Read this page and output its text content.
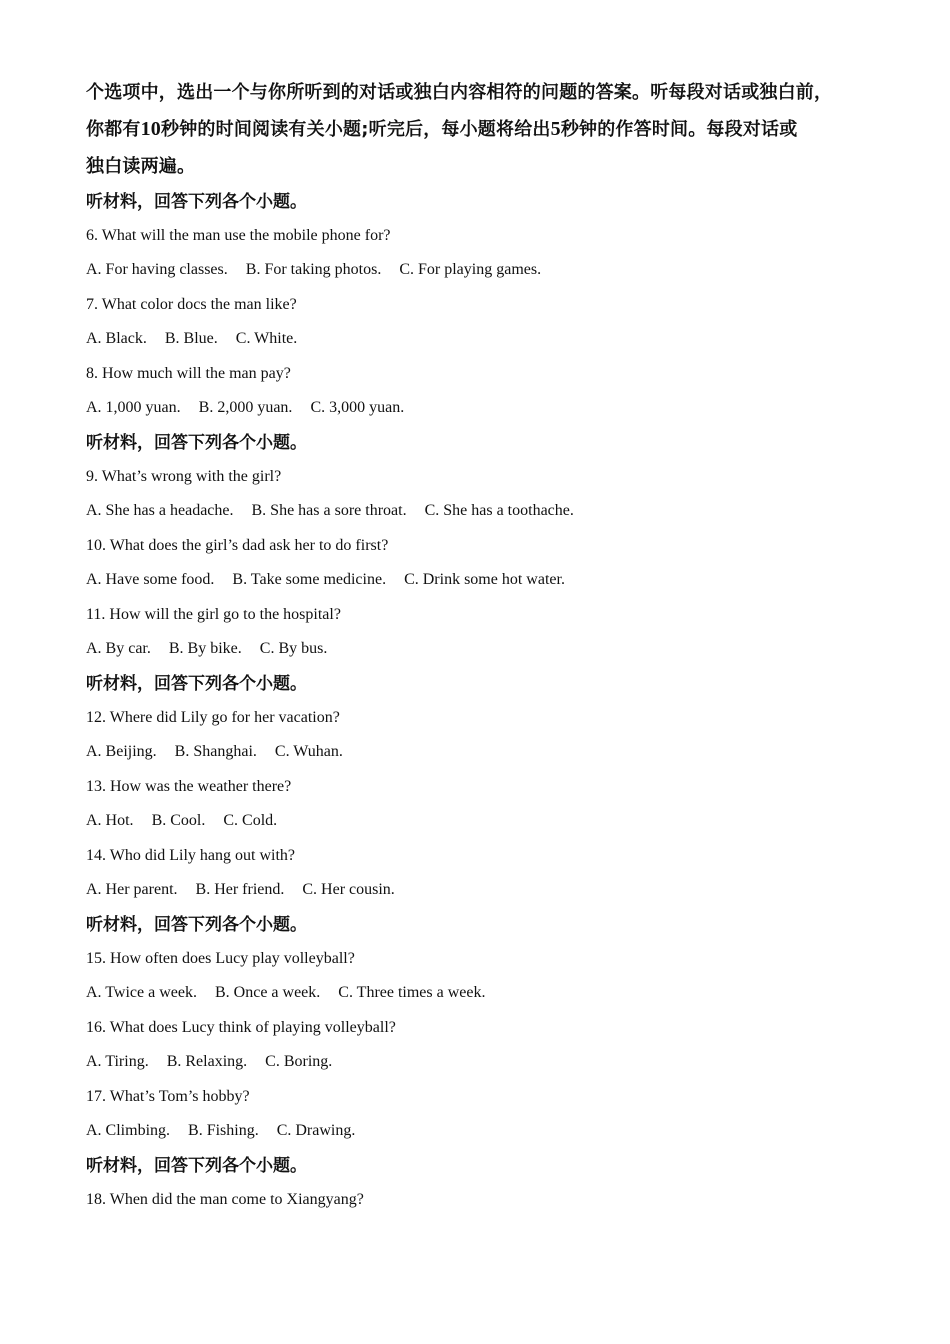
个选项中，选出一个与你所听到的对话或独白内容相符的问题的答案。听每段对话或独白前，
你都有10秒钟的时间阅读有关小题;听完后，每小题将给出5秒钟的作答时间。每段对话或
独白读两遍。
听材料，回答下列各个小题。
6. What will the man use the mobile phone for?
A. For having classes. B. For taking photos. C. For playing games.
7. What color docs the man like?
A. Black. B. Blue. C. White.
8. How much will the man pay?
A. 1,000 yuan. B. 2,000 yuan. C. 3,000 yuan.
听材料，回答下列各个小题。
9. What’s wrong with the girl?
A. She has a headache. B. She has a sore throat. C. She has a toothache.
10. What does the girl’s dad ask her to do first?
A. Have some food. B. Take some medicine. C. Drink some hot water.
11. How will the girl go to the hospital?
A. By car. B. By bike. C. By bus.
听材料，回答下列各个小题。
12. Where did Lily go for her vacation?
A. Beijing. B. Shanghai. C. Wuhan.
13. How was the weather there?
A. Hot. B. Cool. C. Cold.
14. Who did Lily hang out with?
A. Her parent. B. Her friend. C. Her cousin.
听材料，回答下列各个小题。
15. How often does Lucy play volleyball?
A. Twice a week. B. Once a week. C. Three times a week.
16. What does Lucy think of playing volleyball?
A. Tiring. B. Relaxing. C. Boring.
17. What’s Tom’s hobby?
A. Climbing. B. Fishing. C. Drawing.
听材料，回答下列各个小题。
18. When did the man come to Xiangyang?
